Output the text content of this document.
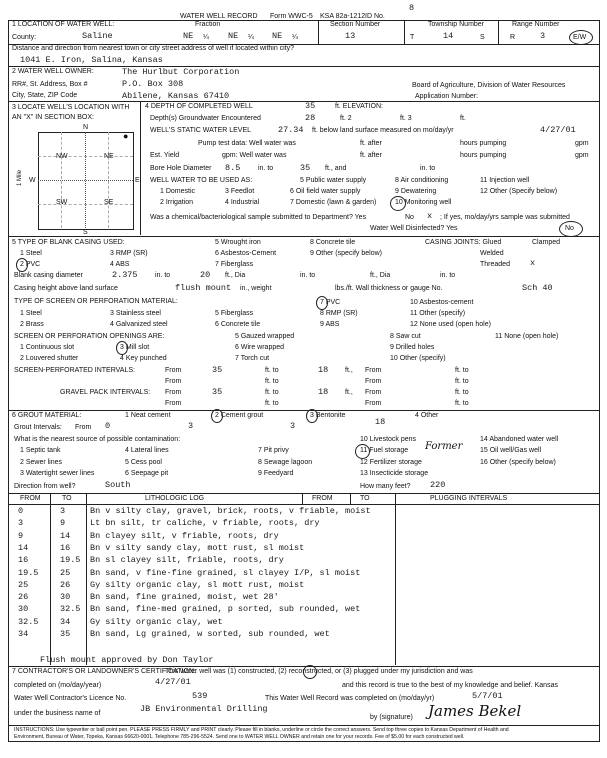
8
WATER WELL RECORD Form WWC-5 KSA 82a-1212 ID No.
1 LOCATION OF WATER WELL:	Fraction	Section Number	Township Number	Range Number
County:	Saline	NE ¼ NE ¼ NE ¼	13	T	14	S	R	3	E/W
Distance and direction from nearest town or city street address of well if located within city?
1041 E. Iron, Salina, Kansas
2 WATER WELL OWNER:
RR#, St. Address, Box #
City, State, ZIP Code
The Hurlbut Corporation
P.O. Box 308
Abilene, Kansas 67410
Board of Agriculture, Division of Water Resources
Application Number:
3 LOCATE WELL'S LOCATION WITH AN "X" IN SECTION BOX:
N
S
W	E
NW	NE
SW	SE
●
1 Mile
4 DEPTH OF COMPLETED WELL	35	ft. ELEVATION:
Depth(s) Groundwater Encountered	28	ft. 2	ft. 3	ft.
WELL'S STATIC WATER LEVEL	27.34 ft. below land surface measured on mo/day/yr	4/27/01
Pump test data: Well water was	ft. after	hours pumping	gpm
Est. Yield	gpm: Well water was	ft. after	hours pumping	gpm
Bore Hole Diameter 8.5	in. to	35 ft., and	in. to
WELL WATER TO BE USED AS:	5 Public water supply	8 Air conditioning	11 Injection well
1 Domestic	3 Feedlot	6 Oil field water supply	9 Dewatering	12 Other (Specify below)
2 Irrigation	4 Industrial	7 Domestic (lawn & garden)	10 Monitoring well
Was a chemical/bacteriological sample submitted to Department? Yes	No x ; If yes, mo/day/yrs sample was submitted
Water Well Disinfected? Yes	No
5 TYPE OF BLANK CASING USED:
1 Steel
2 PVC
3 RMP (SR)
4 ABS
5 Wrought iron
6 Asbestos-Cement
7 Fiberglass
8 Concrete tile
9 Other (specify below)
CASING JOINTS: Glued	Clamped
Welded
Threaded x
Blank casing diameter	2.375 in. to	20 ft., Dia	in. to	ft., Dia	in. to
Casing height above land surface	flush mount in., weight	lbs./ft. Wall thickness or gauge No.	Sch 40
TYPE OF SCREEN OR PERFORATION MATERIAL:
1 Steel
2 Brass
3 Stainless steel
4 Galvanized steel
5 Fiberglass
6 Concrete tile
7 PVC
8 RMP (SR)
9 ABS
10 Asbestos-cement
11 Other (specify)
12 None used (open hole)
SCREEN OR PERFORATION OPENINGS ARE:
1 Continuous slot
2 Louvered shutter
3 Mill slot
4 Key punched
5 Gauzed wrapped
6 Wire wrapped
7 Torch cut
8 Saw cut
9 Drilled holes
10 Other (specify)
11 None (open hole)
SCREEN-PERFORATED INTERVALS:	From	35	ft. to	18 ft., From	ft. to
From	ft. to	From	ft. to
GRAVEL PACK INTERVALS: From	35	ft. to	18 ft., From	ft. to
From	ft. to	From	ft. to
6 GROUT MATERIAL:	1 Neat cement	2 Cement grout	3 Bentonite	4 Other
Grout Intervals: From 0	3	3	18
What is the nearest source of possible contamination:
1 Septic tank	4 Lateral lines	7 Pit privy
10 Livestock pens	14 Abandoned water well
2 Sewer lines	5 Cess pool	8 Sewage lagoon
11 Fuel storage Former	15 Oil well/Gas well
3 Watertight sewer lines	6 Seepage pit	9 Feedyard
12 Fertilizer storage	16 Other (specify below)
13 Insecticide storage
Direction from well?	South	How many feet? 220
FROM	TO	LITHOLOGIC LOG	FROM	TO	PLUGGING INTERVALS
0	3	Bn v silty clay, gravel, brick, roots, v friable, moist
3	9	Lt bn silt, tr caliche, v friable, roots, dry
9	14 Bn clayey silt, v friable, roots, dry
14	16 Bn v silty sandy clay, mott rust, sl moist
16	19.5 Bn sl clayey silt, friable, roots, dry
19.5	25 Bn sand, v fine-fine grained, sl clayey I/P, sl moist
25	26 Gy silty organic clay, sl mott rust, moist
26	30 Bn sand, fine grained, moist, wet 28'
30	32.5 Bn sand, fine-med grained, p sorted, sub rounded, wet
32.5	34 Gy silty organic clay, wet
34	35 Bn sand, Lg grained, w sorted, sub rounded, wet
Flush mount approved by Don Taylor
7 CONTRACTOR'S OR LANDOWNER'S CERTIFICATION:
This water well was (1) constructed, (2) reconstructed, or (3) plugged under my jurisdiction and was
completed on (mo/day/year)	4/27/01	and this record is true to the best of my knowledge and belief. Kansas
Water Well Contractor's Licence No.	539	This Water Well Record was completed on (mo/day/yr)	5/7/01
under the business name of	JB Environmental Drilling
by (signature) James Bekel
INSTRUCTIONS: Use typewriter or ball point pen. PLEASE PRESS FIRMLY and PRINT clearly. Please fill in blanks, underline or circle the correct answers. Send top three copies to Kansas Department of Health and
Environment, Bureau of Water, Topeka, Kansas 66620-0001. Telephone 785-296-5524. Send one to WATER WELL OWNER and retain one for your records. Fee of $5.00 for each constructed well.
